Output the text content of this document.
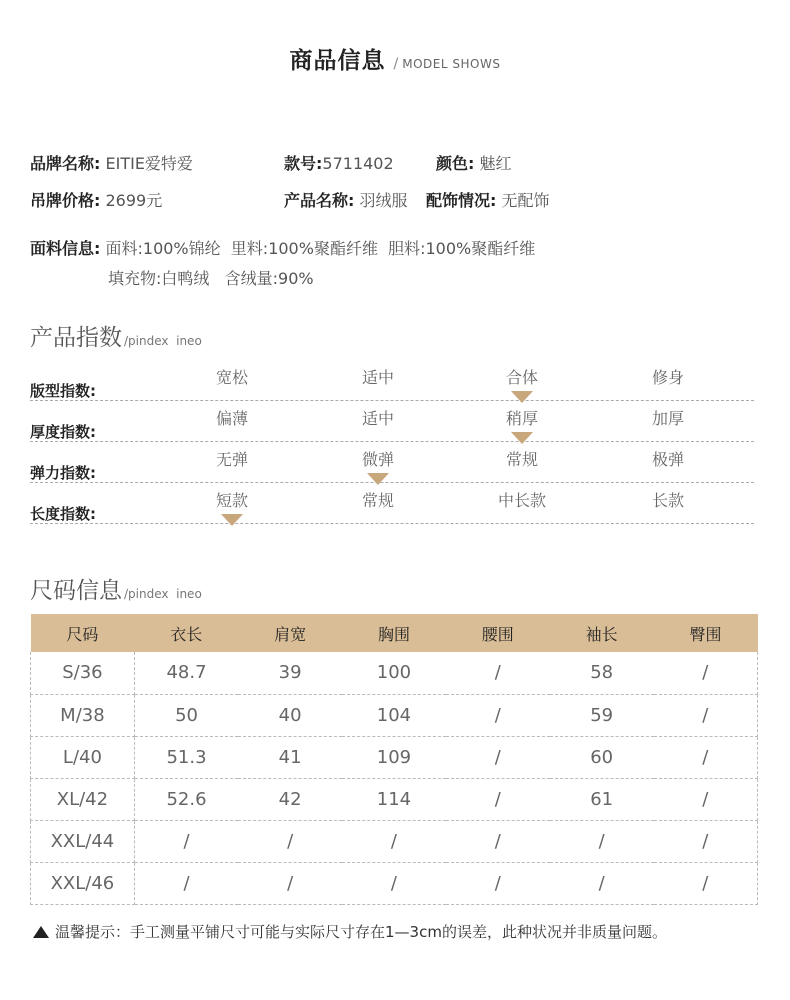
商品信息 / MODEL SHOWS
品牌名称: EITIE爱特爱	款号:5711402	颜色: 魅红
吊牌价格: 2699元	产品名称: 羽绒服 配饰情况: 无配饰
面料信息: 面料:100%锦纶  里料:100%聚酯纤维  胆料:100%聚酯纤维
填充物:白鸭绒   含绒量:90%
产品指数 /pindex  ineo
版型指数:
宽松	适中	合体	修身
厚度指数:
偏薄	适中	稍厚	加厚
弹力指数:
无弹	微弹	常规	极弹
长度指数:
短款	常规	中长款	长款
尺码信息 /pindex  ineo
尺码	衣长	肩宽	胸围	腰围	袖长	臀围
S/36	48.7	39	100	/	58	/
M/38	50	40	104	/	59	/
L/40	51.3	41	109	/	60	/
XL/42	52.6	42	114	/	61	/
XXL/44	/	/	/	/	/	/
XXL/46	/	/	/	/	/	/
温馨提示：手工测量平铺尺寸可能与实际尺寸存在1—3cm的误差，此种状况并非质量问题。
